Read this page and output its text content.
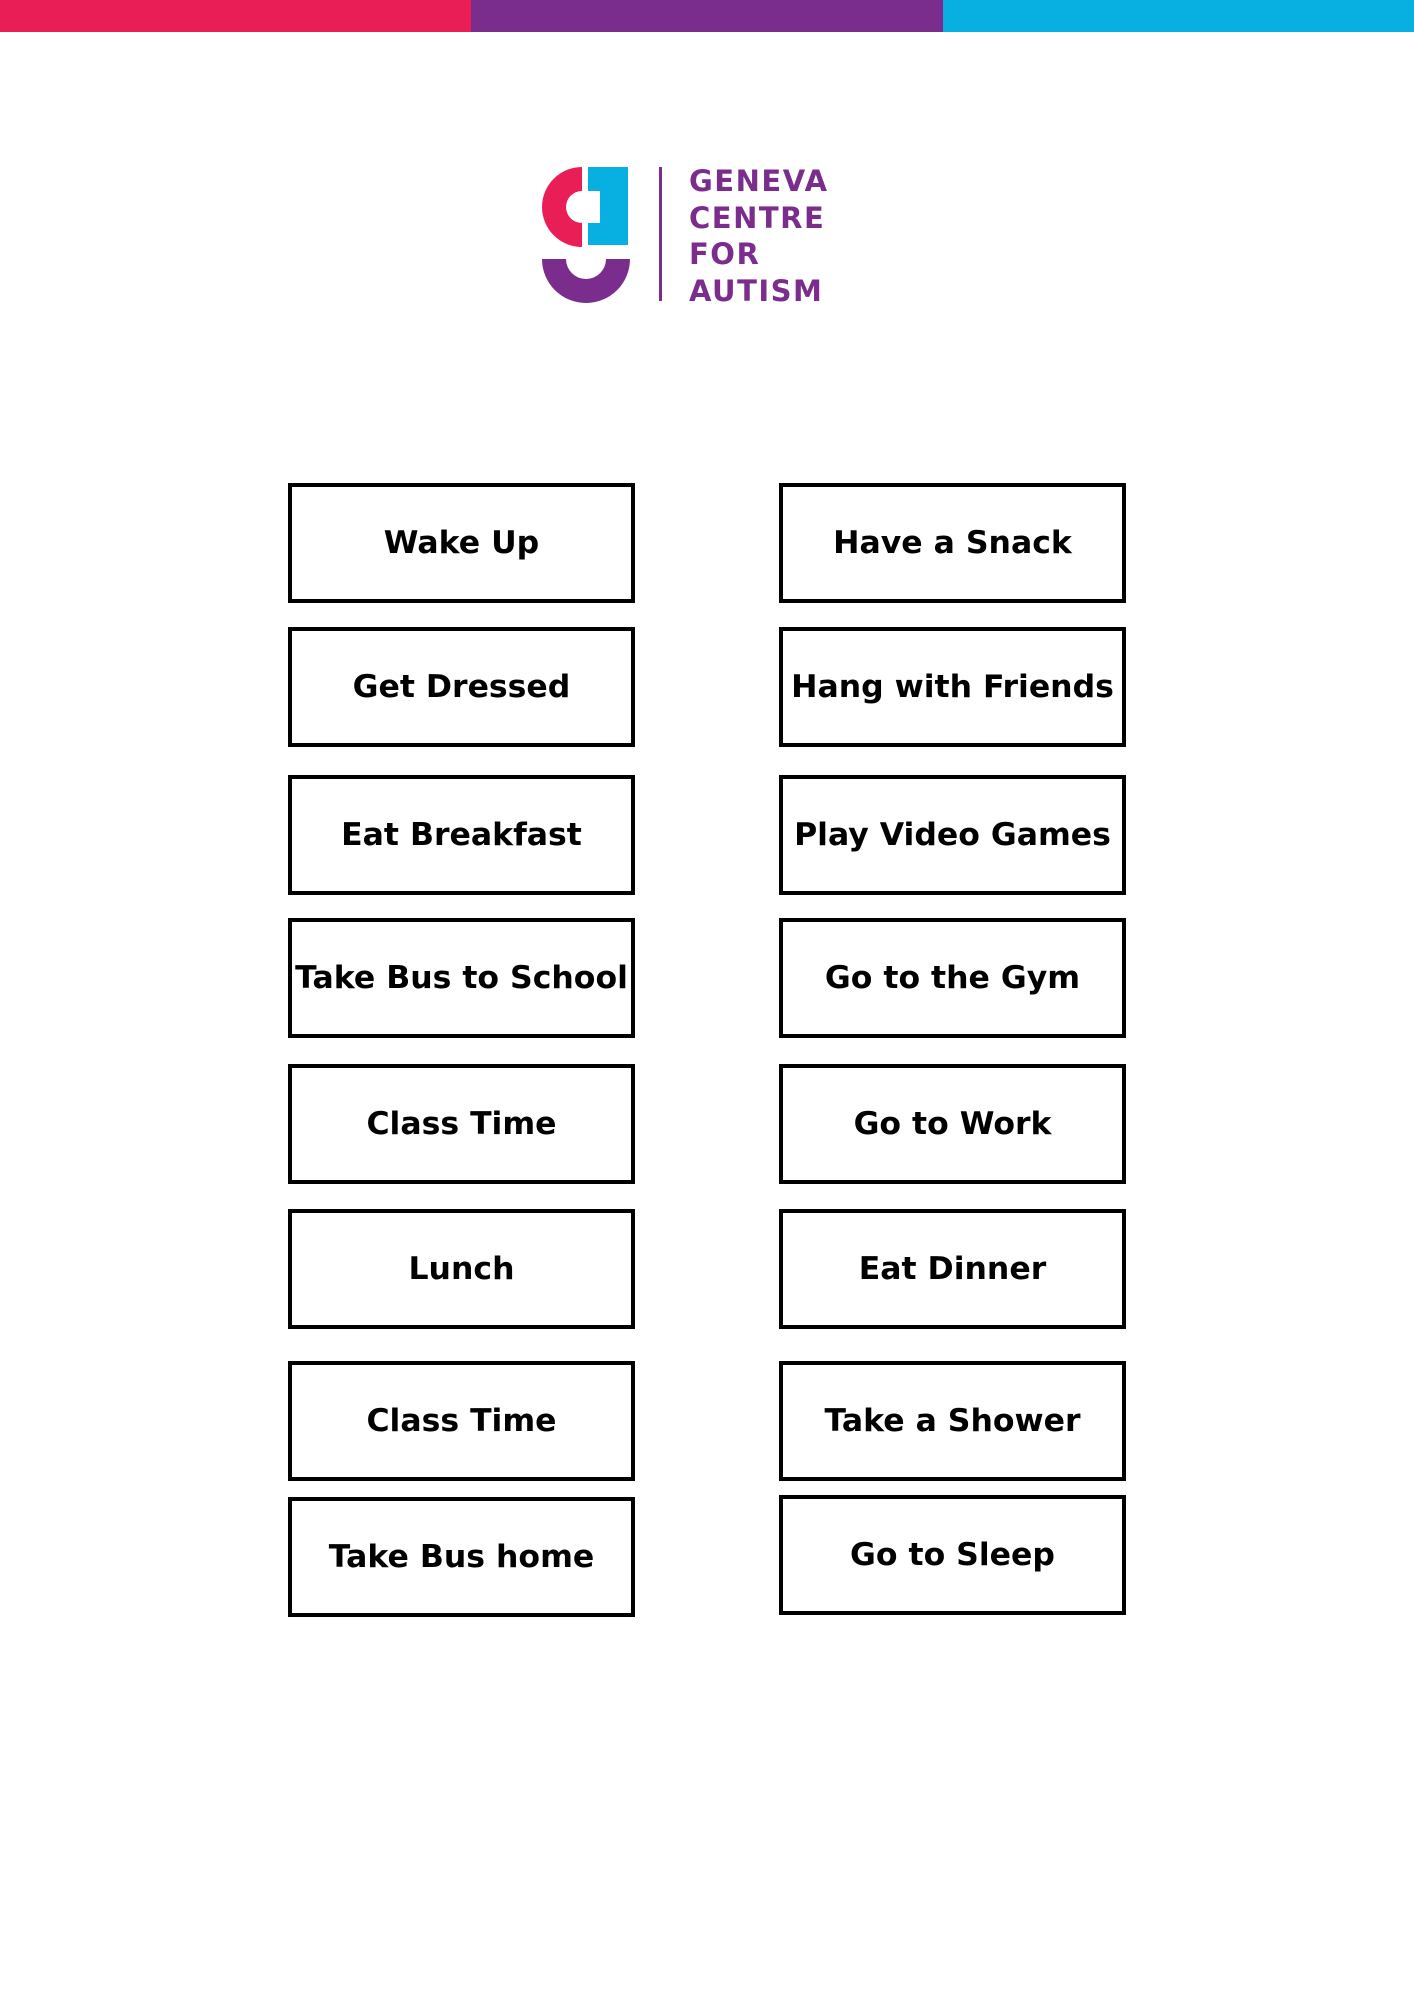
GENEVA
CENTRE
FOR
AUTISM
Wake Up
Get Dressed
Eat Breakfast
Take Bus to School
Class Time
Lunch
Class Time
Take Bus home
Have a Snack
Hang with Friends
Play Video Games
Go to the Gym
Go to Work
Eat Dinner
Take a Shower
Go to Sleep
